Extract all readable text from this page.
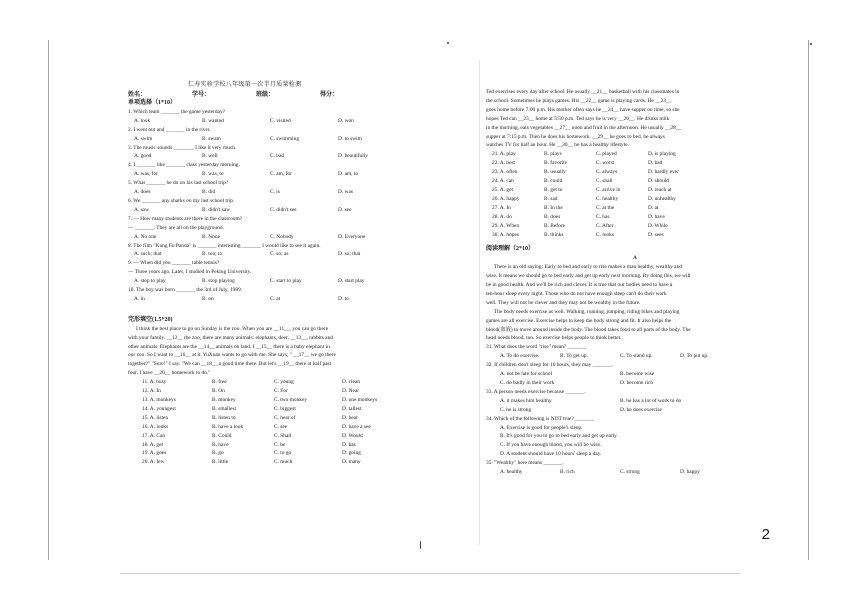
仁寿实验学校八年级第一次半月质量检测
姓名：	学号：	班级：	得分：
单项选择（1*10）
1. Which team _______ the game yesterday?
A. took	B. wanted	C. visited	D. won
2. I went out and _______ in the river.
A. swim	B. swam	C. swimming	D. to swim
3. The music sounds _______, I like it very much.
A. good	B. well	C. bad	D. beautifully
4. I _______ like _______ class yesterday morning.
A. was, for	B. was, to	C. am, for	D. am, to
5. What _______ he do on his last school trip?
A. does	B. did	C. is	D. was
6. We _______ any sharks on my last school trip.
A. saw	B. didn't saw	C. didn't see	D. see
7. — How many students are there in the classroom?
— _______. They are all on the playground.
A. No one	B. None	C. Nobody	D. Everyone
8. The film "Kung Fu Panda" is _______ interesting _______ I would like to see it again.
A. such; that	B. too; to	C. so; as	D. so; that
9. — When did you _______ table tennis?
— Three years ago. Later, I studied in Peking University.
A. stop to play	B. stop playing	C. start to play	D. start play
10. The boy was born _______ the 3rd of July, 1989.
A. in	B. on	C. at	D. to
完形填空(1.5*20)
I think the best place to go on Sunday is the zoo. When you are __11__, you can go there
with your family. __12__ the zoo, there are many animals: elephants, deer, __13__, rabbits and
other animals. Elephants are the __14__ animals on land. I __15__ there is a baby elephant in
our zoo. So I want to __16__ at it. YuXuan wants to go with me. She says, " __17__ we go there
together?" "Sure!" I say. "We can __18__ a good time there. But let's __19__ there at half past
four. I have __20__ homework to do."
11. A. busy	B. free	C. young	D. clean
12. A. In	B. On	C. For	D. Near
13. A. monkeys	B. monkey	C. two monkey	D. one monkeys
14. A. youngest	B. smallest	C. biggest	D. tallest
15. A. listen	B. listen to	C. hear of	D. hear
16. A. looks	B. have a look	C. see	D. have a see
17. A. Can	B. Could	C. Shall	D. Would
18. A. get	B. have	C. be	D. has
19. A. goes	B. go	C. to go	D. going
20. A. few	B. little	C. much	D. many
Ted exercises every day after school. He usually __21__ basketball with his classmates in
the school. Sometimes he plays games. His __22__ game is playing cards. He __23__
goes home before 7:00 p.m. His mother often says he __24__ have supper on time, so she
hopes Ted can __25__ home at 5:50 p.m. Ted says he is very __26__. He drinks milk
in the morning, eats vegetables __27__ noon and fruit in the afternoon. He usually __28__
supper at 7:15 p.m. Then he does his homework. __29__ he goes to bed, he always
watches TV for half an hour. He __30__ he has a healthy lifestyle.
21. A. play	B. plays	C. played	D. is playing
22. A. best	B. favorite	C. worst	D. bad
23. A. often	B. usually	C. always	D. hardly ever
24. A. can	B. could	C. shall	D. should
25. A. get	B. get to	C. arrive in	D. reach at
26. A. happy	B. sad	C. healthy	D. unhealthy
27. A. In	B. In the	C. at the	D. at
28. A. do	B. does	C. has	D. have
29. A. When	B. Before	C. After	D. While
30. A. hopes	B. thinks	C. looks	D. sees
阅读理解（2*10）
A
There is an old saying: Early to bed and early to rise makes a man healthy, wealthy and
wise. It means we should go to bed early and get up early next morning. By doing this, we will
be in good health. And we'll be rich and clever. It is true that our bodies need to have a
ten-hour sleep every night. Those who do not have enough sleep can't do their work
well. They will not be clever and they may not be wealthy in the future.
The body needs exercise as well. Walking, running, jumping, riding bikes and playing
games are all exercise. Exercise helps to keep the body strong and fit. It also helps the
blood(血液) to move around inside the body. The blood takes food to all parts of the body. The
head needs blood, too. So exercise helps people to think better.
31. What does the word "rise" mean? _______
A. To do exercise.	B. To get up.	C. To stand up.	D. To put up.
32. If children don't sleep for 10 hours, they may _______.
A. not be late for school	B. become wise
C. do badly in their work	D. become rich
33. A person needs exercise because _______.
A. it makes him healthy	B. he has a lot of work to do
C. he is strong	D. he does exercise
34. Which of the following is NOT true? _______
A. Exercise is good for people's sleep.
B. It's good for you to go to bed early and get up early.
C. If you have enough blood, you will be wise.
D. A student should have 10 hours' sleep a day.
35. "Wealthy" here means _______.
A. healthy	B. rich	C. strong	D. happy
2
